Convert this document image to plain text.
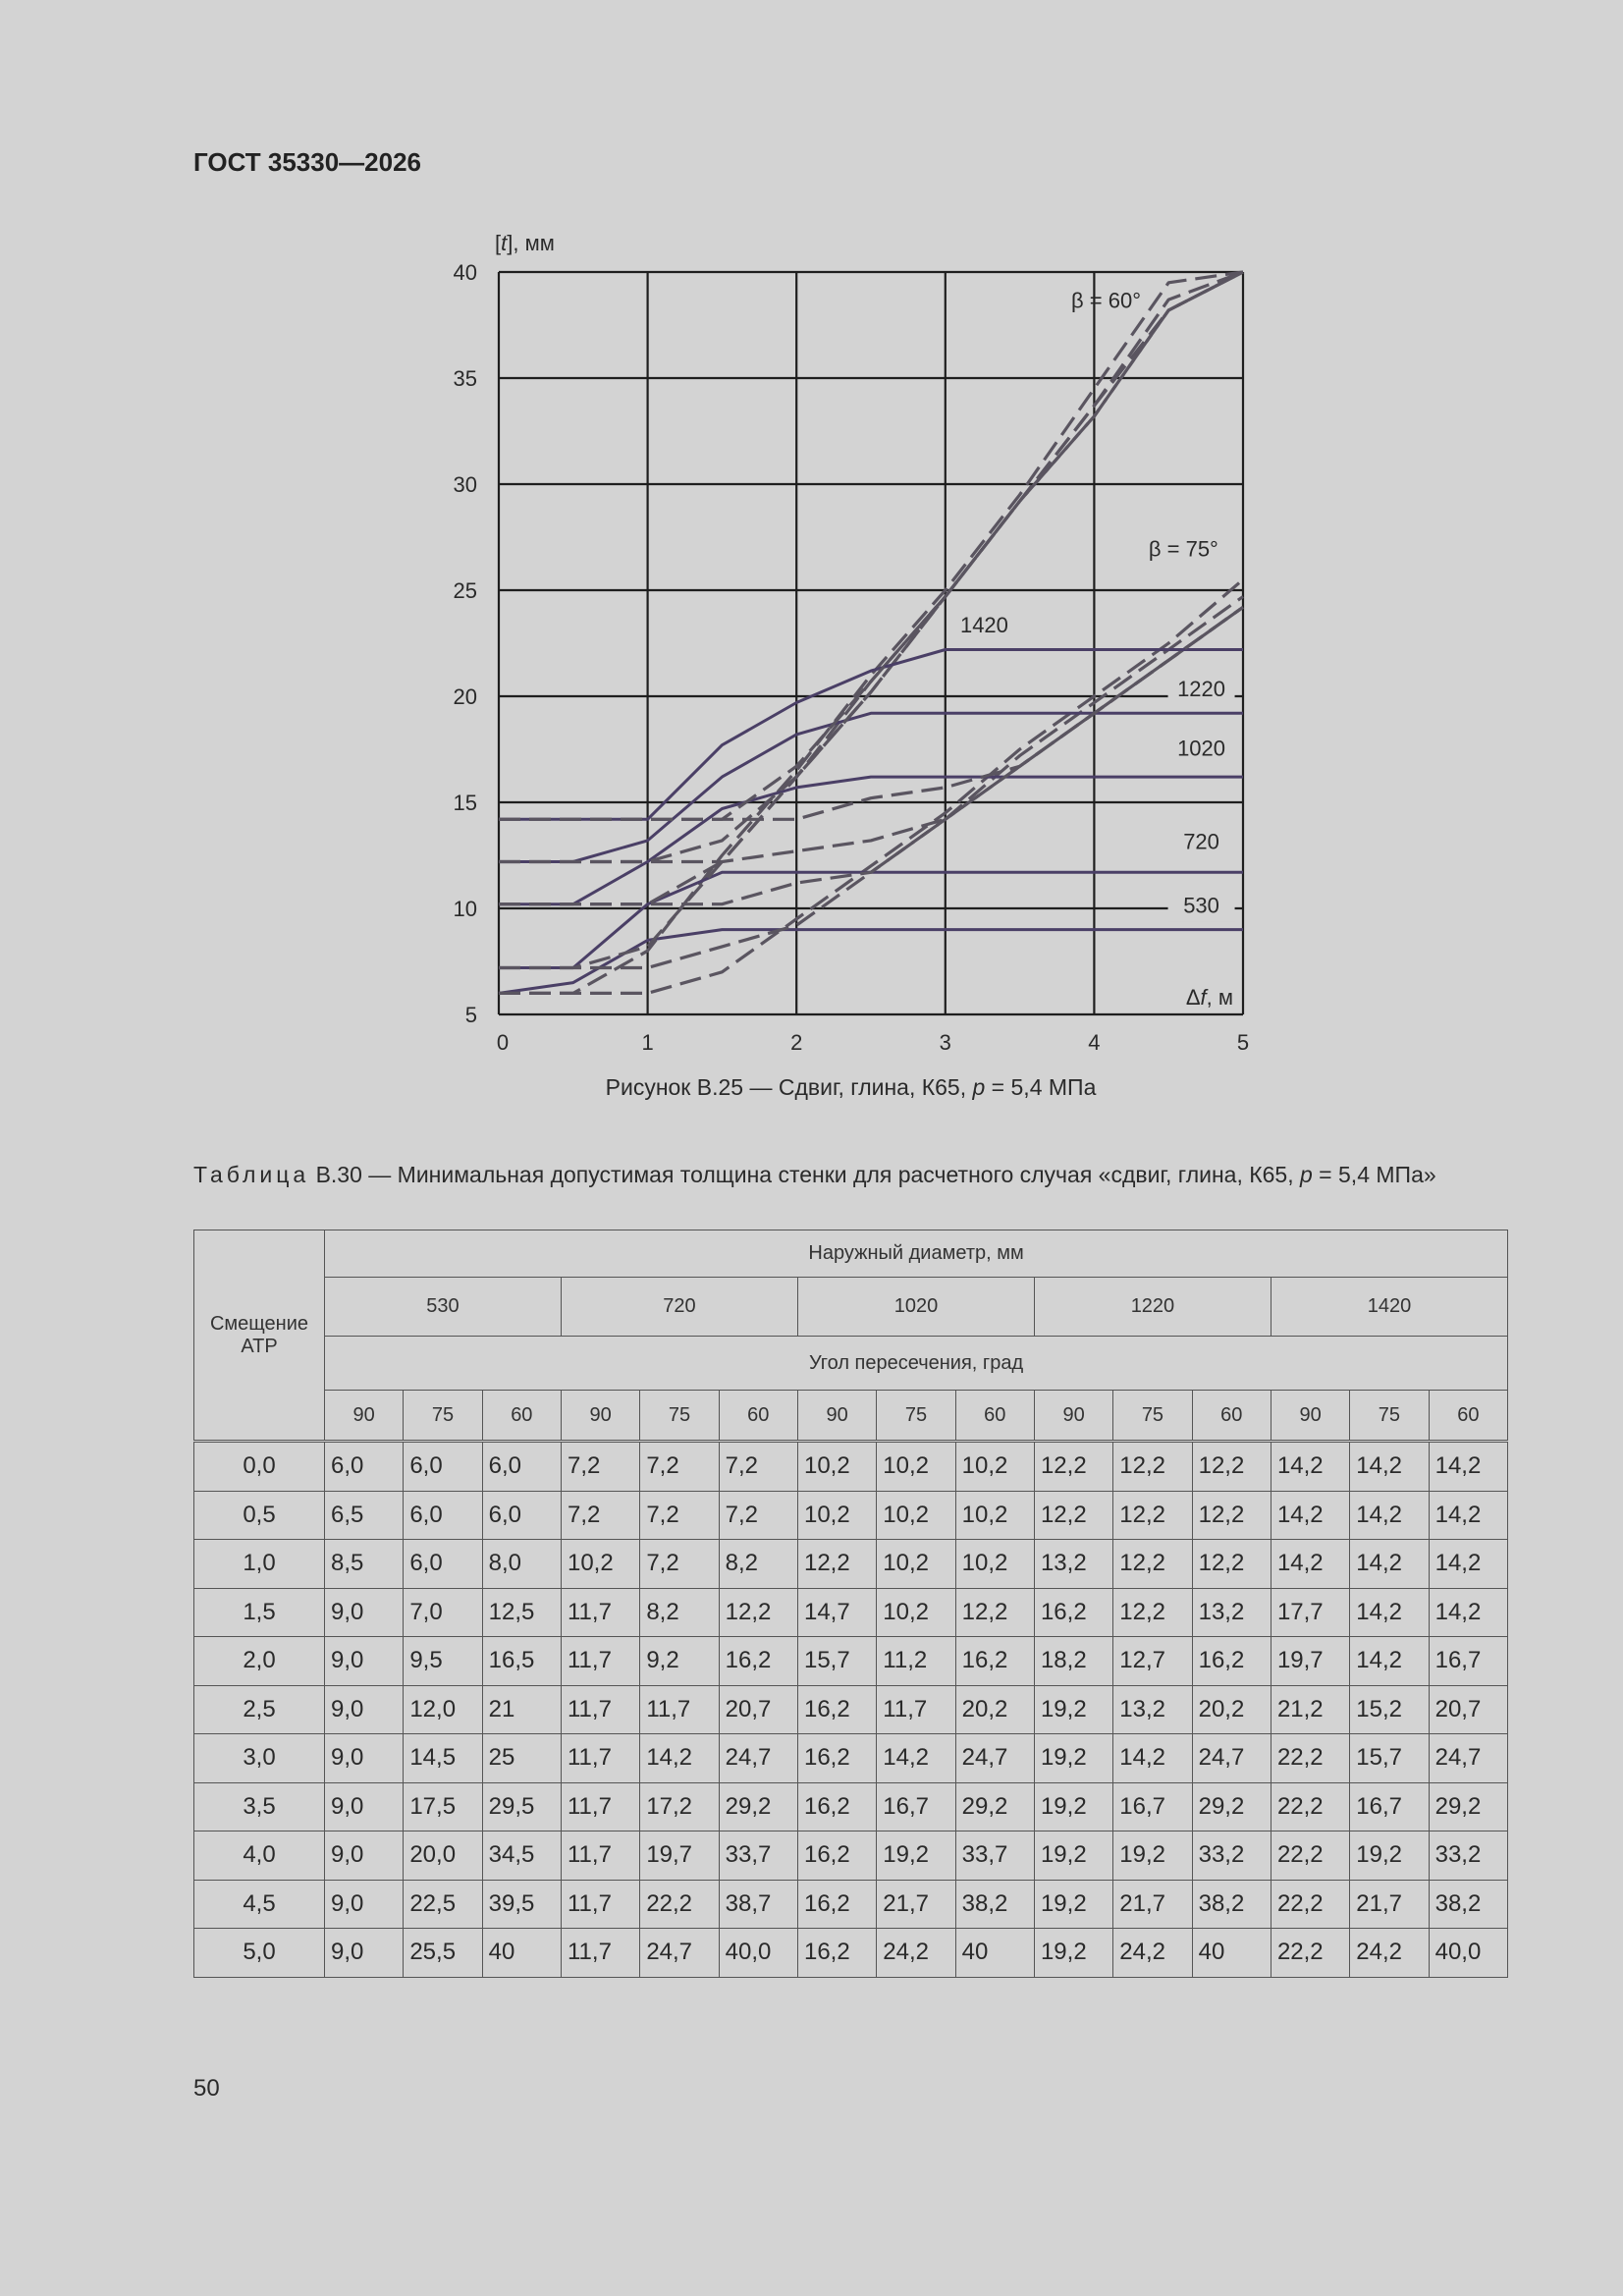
ГОСТ 35330—2026
0	1	2	3	4	5
5
10
15
20
25
30
35
40
[t], мм
Δf, м
β = 60°
β = 75°
1420
1220
1020
720
530
Рисунок В.25 — Сдвиг, глина, К65, p = 5,4 МПа
Таблица В.30 — Минимальная допустимая толщина стенки для расчетного случая «сдвиг, глина, К65, p = 5,4 МПа»
Смещение АТР	Наружный диаметр, мм														
	530			720			1020			1220			1420		
	Угол пересечения, град														
	90	75	60	90	75	60	90	75	60	90	75	60	90	75	60
0,0	6,0	6,0	6,0	7,2	7,2	7,2	10,2	10,2	10,2	12,2	12,2	12,2	14,2	14,2	14,2
0,5	6,5	6,0	6,0	7,2	7,2	7,2	10,2	10,2	10,2	12,2	12,2	12,2	14,2	14,2	14,2
1,0	8,5	6,0	8,0	10,2	7,2	8,2	12,2	10,2	10,2	13,2	12,2	12,2	14,2	14,2	14,2
1,5	9,0	7,0	12,5	11,7	8,2	12,2	14,7	10,2	12,2	16,2	12,2	13,2	17,7	14,2	14,2
2,0	9,0	9,5	16,5	11,7	9,2	16,2	15,7	11,2	16,2	18,2	12,7	16,2	19,7	14,2	16,7
2,5	9,0	12,0	21	11,7	11,7	20,7	16,2	11,7	20,2	19,2	13,2	20,2	21,2	15,2	20,7
3,0	9,0	14,5	25	11,7	14,2	24,7	16,2	14,2	24,7	19,2	14,2	24,7	22,2	15,7	24,7
3,5	9,0	17,5	29,5	11,7	17,2	29,2	16,2	16,7	29,2	19,2	16,7	29,2	22,2	16,7	29,2
4,0	9,0	20,0	34,5	11,7	19,7	33,7	16,2	19,2	33,7	19,2	19,2	33,2	22,2	19,2	33,2
4,5	9,0	22,5	39,5	11,7	22,2	38,7	16,2	21,7	38,2	19,2	21,7	38,2	22,2	21,7	38,2
5,0	9,0	25,5	40	11,7	24,7	40,0	16,2	24,2	40	19,2	24,2	40	22,2	24,2	40,0
50
